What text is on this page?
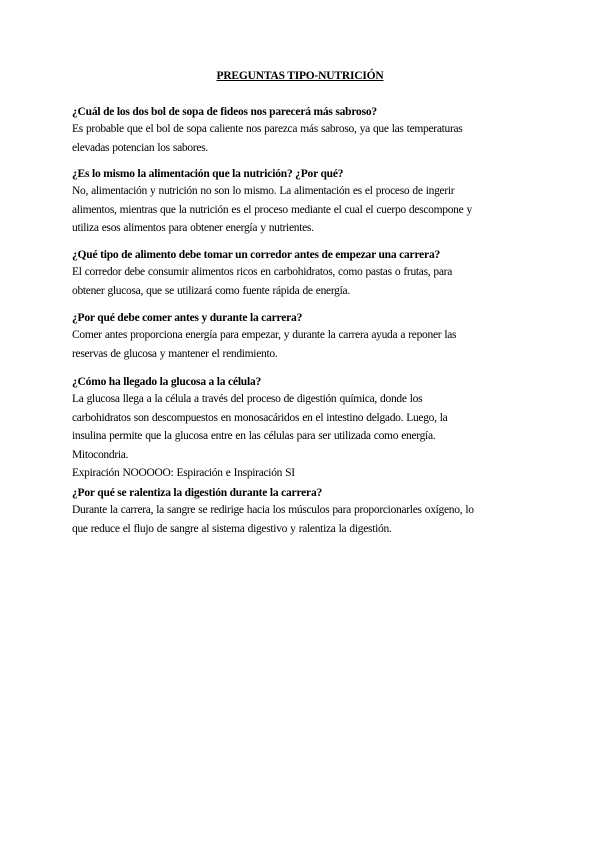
PREGUNTAS TIPO-NUTRICIÓN

¿Cuál de los dos bol de sopa de fideos nos parecerá más sabroso?

Es probable que el bol de sopa caliente nos parezca más sabroso, ya que las temperaturas

elevadas potencian los sabores.

¿Es lo mismo la alimentación que la nutrición? ¿Por qué?

No, alimentación y nutrición no son lo mismo. La alimentación es el proceso de ingerir

alimentos, mientras que la nutrición es el proceso mediante el cual el cuerpo descompone y

utiliza esos alimentos para obtener energía y nutrientes.

¿Qué tipo de alimento debe tomar un corredor antes de empezar una carrera?

El corredor debe consumir alimentos ricos en carbohidratos, como pastas o frutas, para

obtener glucosa, que se utilizará como fuente rápida de energía.

¿Por qué debe comer antes y durante la carrera?

Comer antes proporciona energía para empezar, y durante la carrera ayuda a reponer las

reservas de glucosa y mantener el rendimiento.

¿Cómo ha llegado la glucosa a la célula?

La glucosa llega a la célula a través del proceso de digestión química, donde los

carbohidratos son descompuestos en monosacáridos en el intestino delgado. Luego, la

insulina permite que la glucosa entre en las células para ser utilizada como energía.

Mitocondria.

Expiración NOOOOO: Espiración e Inspiración SI

¿Por qué se ralentiza la digestión durante la carrera?

Durante la carrera, la sangre se redirige hacia los músculos para proporcionarles oxígeno, lo

que reduce el flujo de sangre al sistema digestivo y ralentiza la digestión.
